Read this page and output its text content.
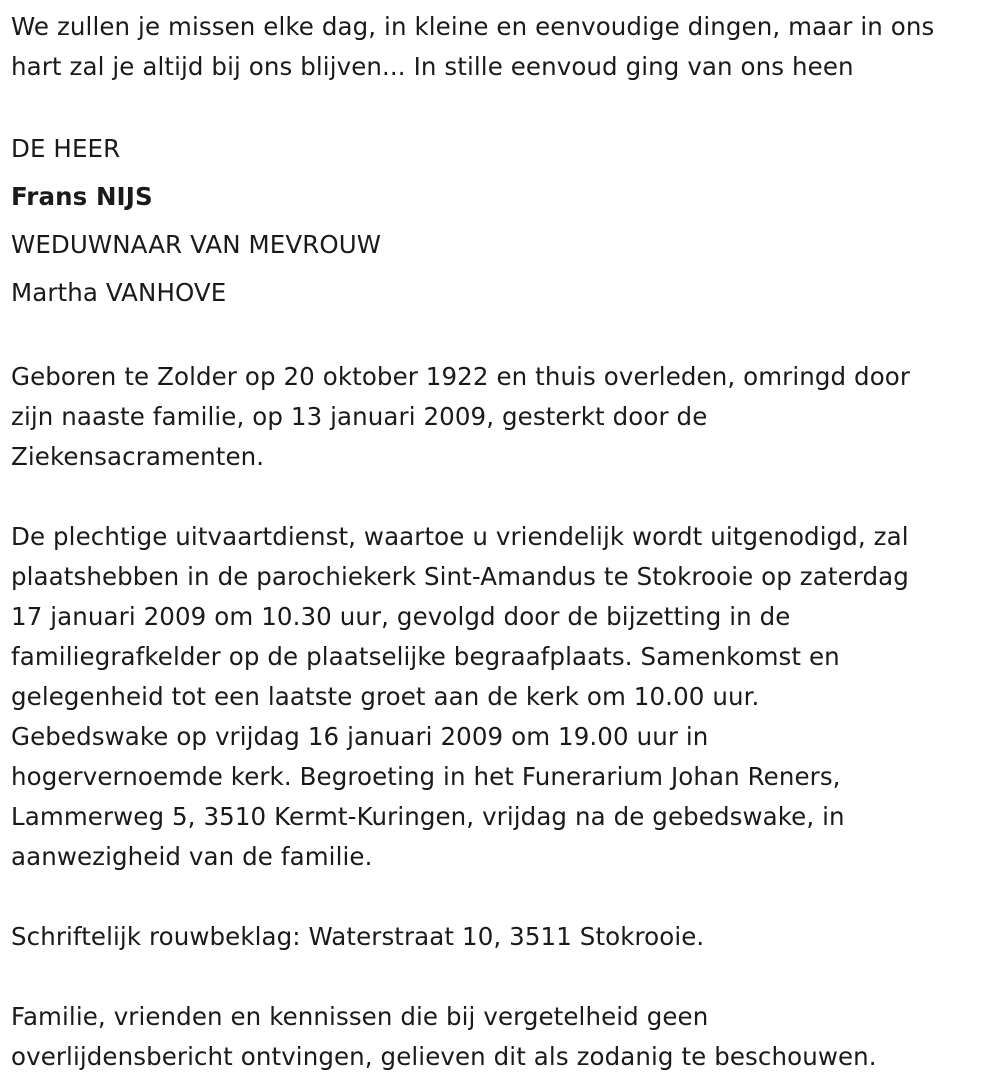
We zullen je missen elke dag, in kleine en eenvoudige dingen, maar in ons

hart zal je altijd bij ons blijven... In stille eenvoud ging van ons heen

DE HEER

Frans NIJS

WEDUWNAAR VAN MEVROUW

Martha VANHOVE

Geboren te Zolder op 20 oktober 1922 en thuis overleden, omringd door

zijn naaste familie, op 13 januari 2009, gesterkt door de

Ziekensacramenten.

De plechtige uitvaartdienst, waartoe u vriendelijk wordt uitgenodigd, zal

plaatshebben in de parochiekerk Sint-Amandus te Stokrooie op zaterdag

17 januari 2009 om 10.30 uur, gevolgd door de bijzetting in de

familiegrafkelder op de plaatselijke begraafplaats. Samenkomst en

gelegenheid tot een laatste groet aan de kerk om 10.00 uur.

Gebedswake op vrijdag 16 januari 2009 om 19.00 uur in

hogervernoemde kerk. Begroeting in het Funerarium Johan Reners,

Lammerweg 5, 3510 Kermt-Kuringen, vrijdag na de gebedswake, in

aanwezigheid van de familie.

Schriftelijk rouwbeklag: Waterstraat 10, 3511 Stokrooie.

Familie, vrienden en kennissen die bij vergetelheid geen

overlijdensbericht ontvingen, gelieven dit als zodanig te beschouwen.
